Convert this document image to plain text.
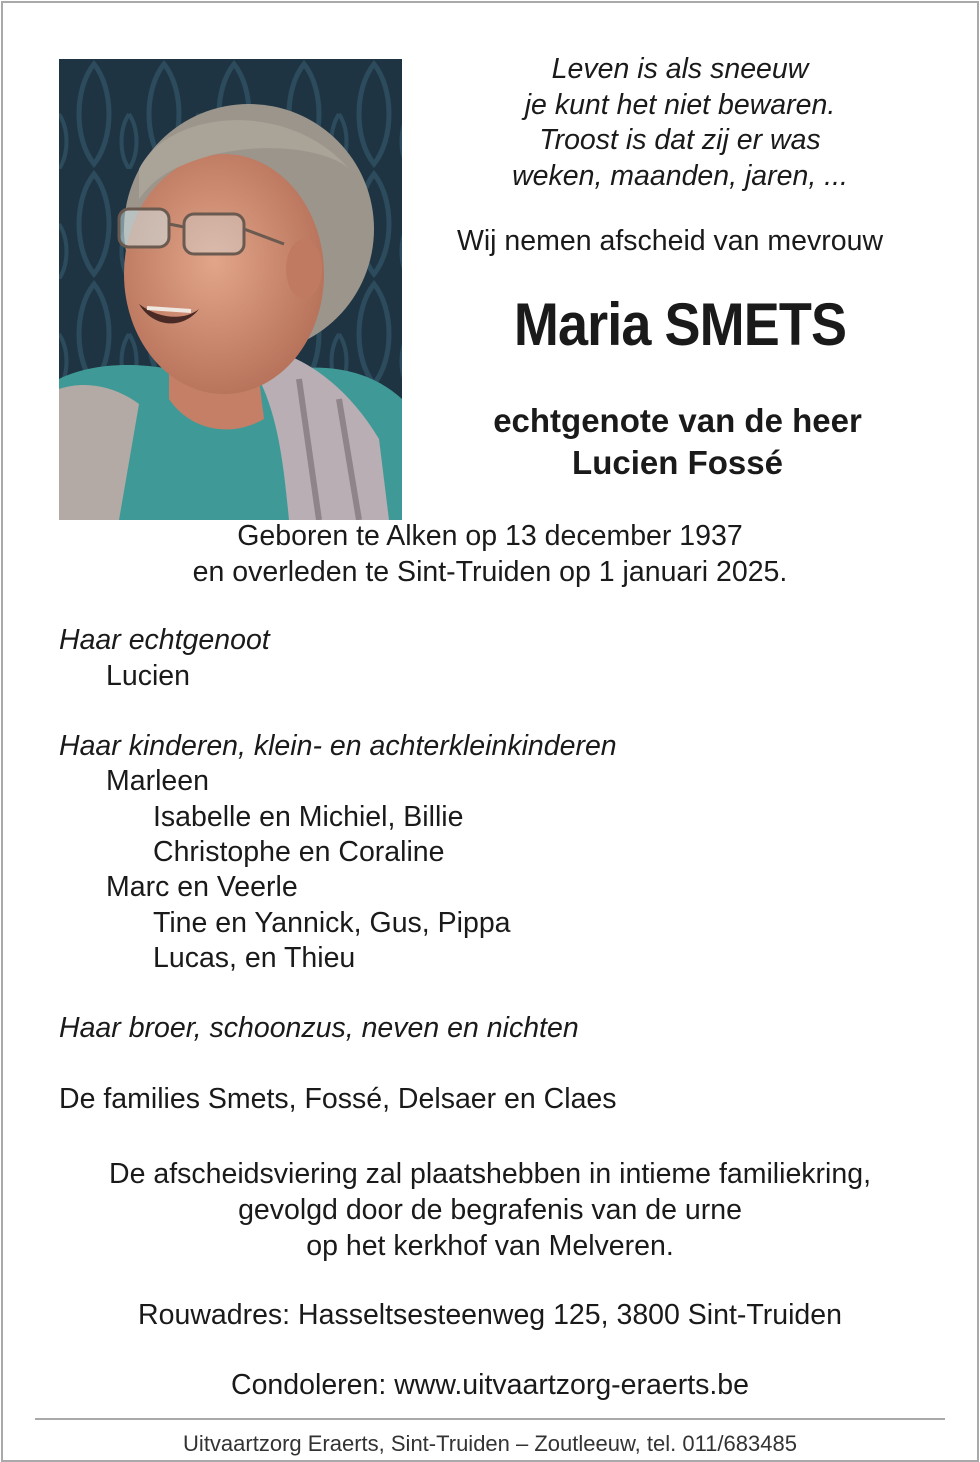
Leven is als sneeuw
je kunt het niet bewaren.
Troost is dat zij er was
weken, maanden, jaren, ...
Wij nemen afscheid van mevrouw
Maria SMETS
echtgenote van de heer
Lucien Fossé
Geboren te Alken op 13 december 1937
en overleden te Sint-Truiden op 1 januari 2025.
Haar echtgenoot
Lucien
Haar kinderen, klein- en achterkleinkinderen
Marleen
Isabelle en Michiel, Billie
Christophe en Coraline
Marc en Veerle
Tine en Yannick, Gus, Pippa
Lucas, en Thieu
Haar broer, schoonzus, neven en nichten
De families Smets, Fossé, Delsaer en Claes
De afscheidsviering zal plaatshebben in intieme familiekring,
gevolgd door de begrafenis van de urne
op het kerkhof van Melveren.
Rouwadres: Hasseltsesteenweg 125, 3800 Sint-Truiden
Condoleren: www.uitvaartzorg-eraerts.be
Uitvaartzorg Eraerts, Sint-Truiden – Zoutleeuw, tel. 011/683485
